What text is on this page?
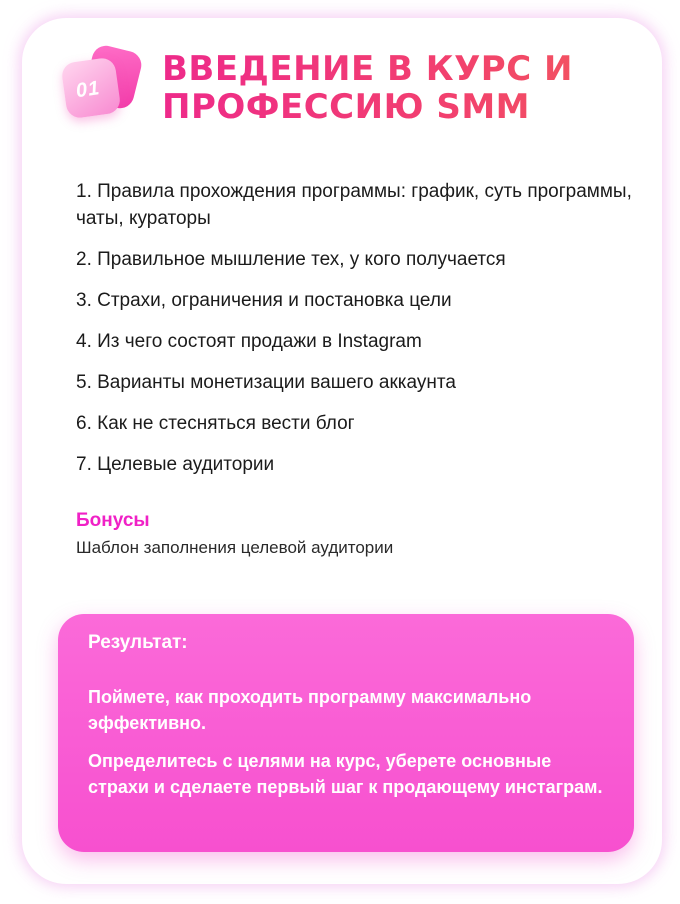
01
ВВЕДЕНИЕ В КУРС И ПРОФЕССИЮ SMM
1. Правила прохождения программы: график, суть программы, чаты, кураторы
2. Правильное мышление тех, у кого получается
3. Страхи, ограничения и постановка цели
4. Из чего состоят продажи в Instagram
5. Варианты монетизации вашего аккаунта
6. Как не стесняться вести блог
7. Целевые аудитории
Бонусы
Шаблон заполнения целевой аудитории
Результат:

Поймете, как проходить программу максимально эффективно.

Определитесь с целями на курс, уберете основные страхи и сделаете первый шаг к продающему инстаграм.
